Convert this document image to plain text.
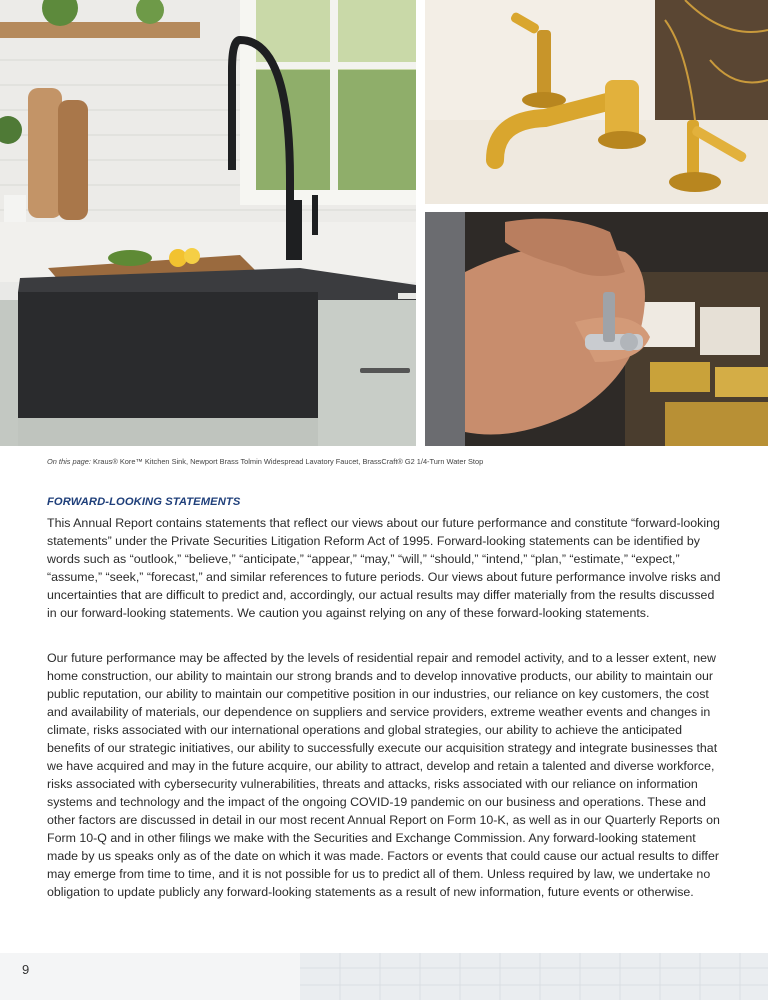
On this page: Kraus® Kore™ Kitchen Sink, Newport Brass Tolmin Widespread Lavatory Faucet, BrassCraft® G2 1/4-Turn Water Stop
FORWARD-LOOKING STATEMENTS

This Annual Report contains statements that reflect our views about our future performance and constitute “forward-looking statements” under the Private Securities Litigation Reform Act of 1995. Forward-looking statements can be identified by words such as “outlook,” “believe,” “anticipate,” “appear,” “may,” “will,” “should,” “intend,” “plan,” “estimate,” “expect,” “assume,” “seek,” “forecast,” and similar references to future periods. Our views about future performance involve risks and uncertainties that are difficult to predict and, accordingly, our actual results may differ materially from the results discussed in our forward-looking statements. We caution you against relying on any of these forward-looking statements.

Our future performance may be affected by the levels of residential repair and remodel activity, and to a lesser extent, new home construction, our ability to maintain our strong brands and to develop innovative products, our ability to maintain our public reputation, our ability to maintain our competitive position in our industries, our reliance on key customers, the cost and availability of materials, our dependence on suppliers and service providers, extreme weather events and changes in climate, risks associated with our international operations and global strategies, our ability to achieve the anticipated benefits of our strategic initiatives, our ability to successfully execute our acquisition strategy and integrate businesses that we have acquired and may in the future acquire, our ability to attract, develop and retain a talented and diverse workforce, risks associated with cybersecurity vulnerabilities, threats and attacks, risks associated with our reliance on information systems and technology and the impact of the ongoing COVID-19 pandemic on our business and operations. These and other factors are discussed in detail in our most recent Annual Report on Form 10-K, as well as in our Quarterly Reports on Form 10-Q and in other filings we make with the Securities and Exchange Commission. Any forward-looking statement made by us speaks only as of the date on which it was made. Factors or events that could cause our actual results to differ may emerge from time to time, and it is not possible for us to predict all of them. Unless required by law, we undertake no obligation to update publicly any forward-looking statements as a result of new information, future events or otherwise.

9
